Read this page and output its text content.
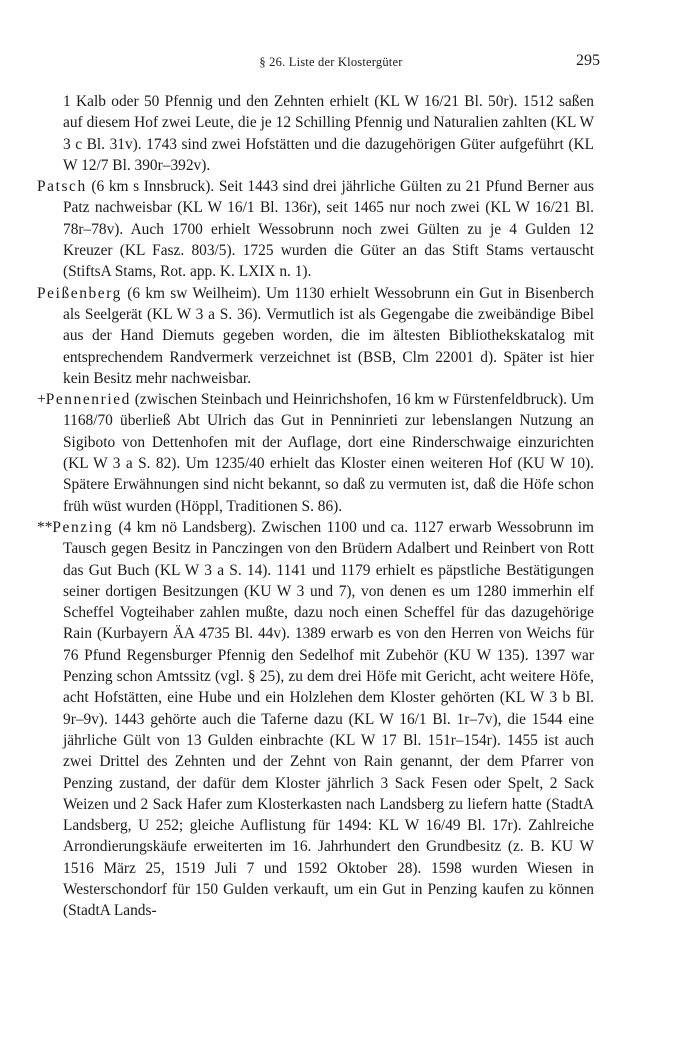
§ 26. Liste der Klostergüter	295

1 Kalb oder 50 Pfennig und den Zehnten erhielt (KL W 16/21 Bl. 50r). 1512 saßen auf diesem Hof zwei Leute, die je 12 Schilling Pfennig und Naturalien zahlten (KL W 3 c Bl. 31v). 1743 sind zwei Hofstätten und die dazugehörigen Güter aufgeführt (KL W 12/7 Bl. 390r–392v).

Patsch (6 km s Innsbruck). Seit 1443 sind drei jährliche Gülten zu 21 Pfund Berner aus Patz nachweisbar (KL W 16/1 Bl. 136r), seit 1465 nur noch zwei (KL W 16/21 Bl. 78r–78v). Auch 1700 erhielt Wessobrunn noch zwei Gülten zu je 4 Gulden 12 Kreuzer (KL Fasz. 803/5). 1725 wurden die Güter an das Stift Stams vertauscht (StiftsA Stams, Rot. app. K. LXIX n. 1).

Peißenberg (6 km sw Weilheim). Um 1130 erhielt Wessobrunn ein Gut in Bisenberch als Seelgerät (KL W 3 a S. 36). Vermutlich ist als Gegengabe die zweibändige Bibel aus der Hand Diemuts gegeben worden, die im ältesten Bibliothekskatalog mit entsprechendem Randvermerk verzeichnet ist (BSB, Clm 22001 d). Später ist hier kein Besitz mehr nachweisbar.

+Pennenried (zwischen Steinbach und Heinrichshofen, 16 km w Fürstenfeldbruck). Um 1168/70 überließ Abt Ulrich das Gut in Penninrieti zur lebenslangen Nutzung an Sigiboto von Dettenhofen mit der Auflage, dort eine Rinderschwaige einzurichten (KL W 3 a S. 82). Um 1235/40 erhielt das Kloster einen weiteren Hof (KU W 10). Spätere Erwähnungen sind nicht bekannt, so daß zu vermuten ist, daß die Höfe schon früh wüst wurden (Höppl, Traditionen S. 86).

**Penzing (4 km nö Landsberg). Zwischen 1100 und ca. 1127 erwarb Wessobrunn im Tausch gegen Besitz in Panczingen von den Brüdern Adalbert und Reinbert von Rott das Gut Buch (KL W 3 a S. 14). 1141 und 1179 erhielt es päpstliche Bestätigungen seiner dortigen Besitzungen (KU W 3 und 7), von denen es um 1280 immerhin elf Scheffel Vogteihaber zahlen mußte, dazu noch einen Scheffel für das dazugehörige Rain (Kurbayern ÄA 4735 Bl. 44v). 1389 erwarb es von den Herren von Weichs für 76 Pfund Regensburger Pfennig den Sedelhof mit Zubehör (KU W 135). 1397 war Penzing schon Amtssitz (vgl. § 25), zu dem drei Höfe mit Gericht, acht weitere Höfe, acht Hofstätten, eine Hube und ein Holzlehen dem Kloster gehörten (KL W 3 b Bl. 9r–9v). 1443 gehörte auch die Taferne dazu (KL W 16/1 Bl. 1r–7v), die 1544 eine jährliche Gült von 13 Gulden einbrachte (KL W 17 Bl. 151r–154r). 1455 ist auch zwei Drittel des Zehnten und der Zehnt von Rain genannt, der dem Pfarrer von Penzing zustand, der dafür dem Kloster jährlich 3 Sack Fesen oder Spelt, 2 Sack Weizen und 2 Sack Hafer zum Klosterkasten nach Landsberg zu liefern hatte (StadtA Landsberg, U 252; gleiche Auflistung für 1494: KL W 16/49 Bl. 17r). Zahlreiche Arrondierungskäufe erweiterten im 16. Jahrhundert den Grundbesitz (z. B. KU W 1516 März 25, 1519 Juli 7 und 1592 Oktober 28). 1598 wurden Wiesen in Westerschondorf für 150 Gulden verkauft, um ein Gut in Penzing kaufen zu können (StadtA Lands-
